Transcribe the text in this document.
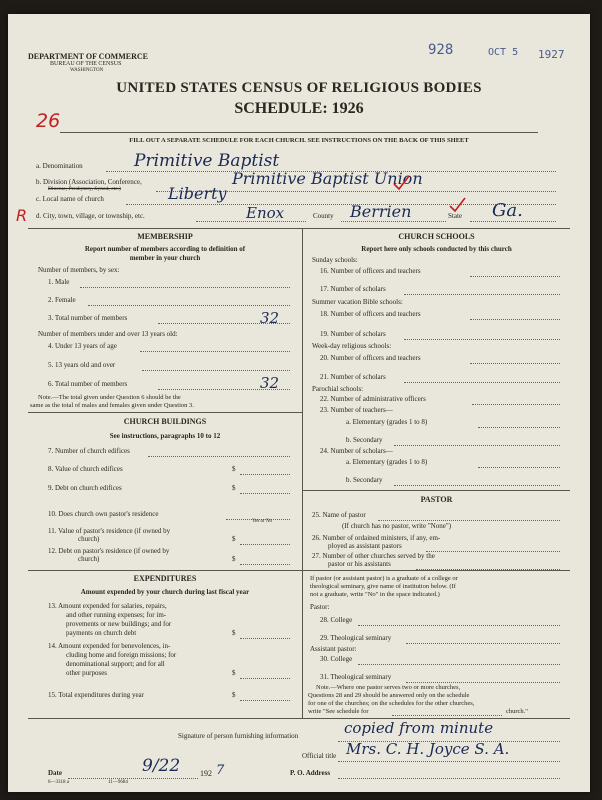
DEPARTMENT OF COMMERCE
BUREAU OF THE CENSUS
WASHINGTON
928	OCT 5 1927
UNITED STATES CENSUS OF RELIGIOUS BODIES
SCHEDULE: 1926
26
FILL OUT A SEPARATE SCHEDULE FOR EACH CHURCH. SEE INSTRUCTIONS ON THE BACK OF THIS SHEET
a. Denomination	Primitive Baptist
b. Division (Association, Conference,
Diocese, Presbytery, Synod, etc.)
Primitive Baptist Union
c. Local name of church	Liberty
R d. City, town, village, or township, etc.	Enox	County Berrien	State Ga.
MEMBERSHIP
Report number of members according to definition of
member in your church
Number of members, by sex:
1. Male
2. Female
3. Total number of members	32
Number of members under and over 13 years old:
4. Under 13 years of age
5. 13 years old and over
6. Total number of members	32
Note.—The total given under Question 6 should be the
same as the total of males and females given under Question 3.
CHURCH BUILDINGS
See instructions, paragraphs 10 to 12
7. Number of church edifices
8. Value of church edifices	$
9. Debt on church edifices	$
10. Does church own pastor's residence
Yes or No
11. Value of pastor's residence (if owned by
church)	$
12. Debt on pastor's residence (if owned by
church)	$
EXPENDITURES
Amount expended by your church during last fiscal year
13. Amount expended for salaries, repairs,
and other running expenses; for im-
provements or new buildings; and for
payments on church debt	$
14. Amount expended for benevolences, in-
cluding home and foreign missions; for
denominational support; and for all
other purposes	$
15. Total expenditures during year	$
CHURCH SCHOOLS
Report here only schools conducted by this church
Sunday schools:
16. Number of officers and teachers
17. Number of scholars
Summer vacation Bible schools:
18. Number of officers and teachers
19. Number of scholars
Week-day religious schools:
20. Number of officers and teachers
21. Number of scholars
Parochial schools:
22. Number of administrative officers
23. Number of teachers—
a. Elementary (grades 1 to 8)
b. Secondary
24. Number of scholars—
a. Elementary (grades 1 to 8)
b. Secondary
PASTOR
25. Name of pastor
(If church has no pastor, write "None")
26. Number of ordained ministers, if any, em-
ployed as assistant pastors
27. Number of other churches served by the
pastor or his assistants
If pastor (or assistant pastor) is a graduate of a college or
theological seminary, give name of institution below. (If
not a graduate, write "No" in the space indicated.)
Pastor:
28. College
29. Theological seminary
Assistant pastor:
30. College
31. Theological seminary
Note.—Where one pastor serves two or more churches,
Questions 28 and 29 should be answered only on the schedule
for one of the churches; on the schedules for the other churches,
write "See schedule for	church."
Signature of person furnishing information	copied from minute
Official title Mrs. C. H. Joyce S. A.
Date	9/22 192 7	P. O. Address
6—3318 a	11—9684
